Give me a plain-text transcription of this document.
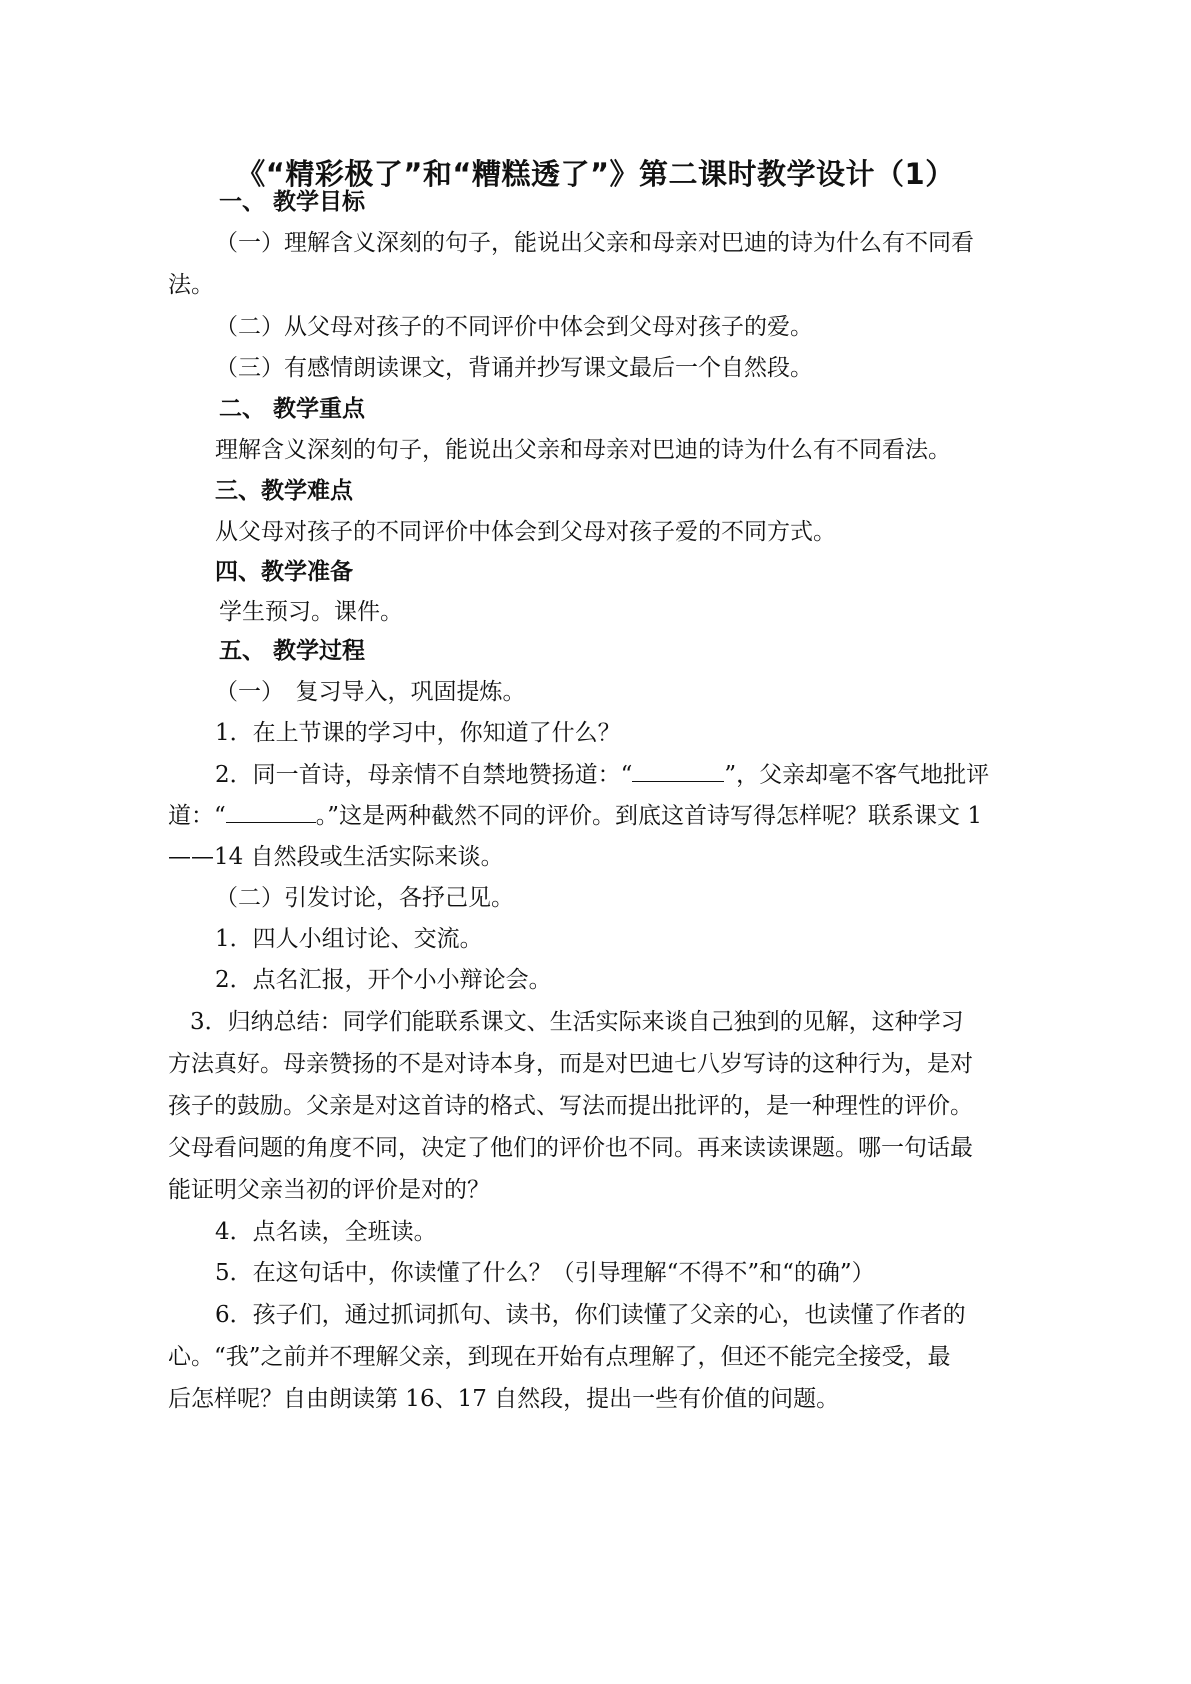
《“精彩极了”和“糟糕透了”》第二课时教学设计（1）
一、 教学目标
（一）理解含义深刻的句子，能说出父亲和母亲对巴迪的诗为什么有不同看
法。
（二）从父母对孩子的不同评价中体会到父母对孩子的爱。
（三）有感情朗读课文，背诵并抄写课文最后一个自然段。
二、 教学重点
理解含义深刻的句子，能说出父亲和母亲对巴迪的诗为什么有不同看法。
三、教学难点
从父母对孩子的不同评价中体会到父母对孩子爱的不同方式。
四、教学准备
学生预习。课件。
五、 教学过程
（一）　复习导入，巩固提炼。
1．在上节课的学习中，你知道了什么？
2．同一首诗，母亲情不自禁地赞扬道：“	”，父亲却毫不客气地批评
道：“	。”这是两种截然不同的评价。到底这首诗写得怎样呢？联系课文 1
——14 自然段或生活实际来谈。
（二）引发讨论，各抒己见。
1．四人小组讨论、交流。
2．点名汇报，开个小小辩论会。
3．归纳总结：同学们能联系课文、生活实际来谈自己独到的见解，这种学习
方法真好。母亲赞扬的不是对诗本身，而是对巴迪七八岁写诗的这种行为，是对
孩子的鼓励。父亲是对这首诗的格式、写法而提出批评的，是一种理性的评价。
父母看问题的角度不同，决定了他们的评价也不同。再来读读课题。哪一句话最
能证明父亲当初的评价是对的？
4．点名读，全班读。
5．在这句话中，你读懂了什么？（引导理解“不得不”和“的确”）
6．孩子们，通过抓词抓句、读书，你们读懂了父亲的心，也读懂了作者的
心。“我”之前并不理解父亲，到现在开始有点理解了，但还不能完全接受，最
后怎样呢？自由朗读第 16、17 自然段，提出一些有价值的问题。
